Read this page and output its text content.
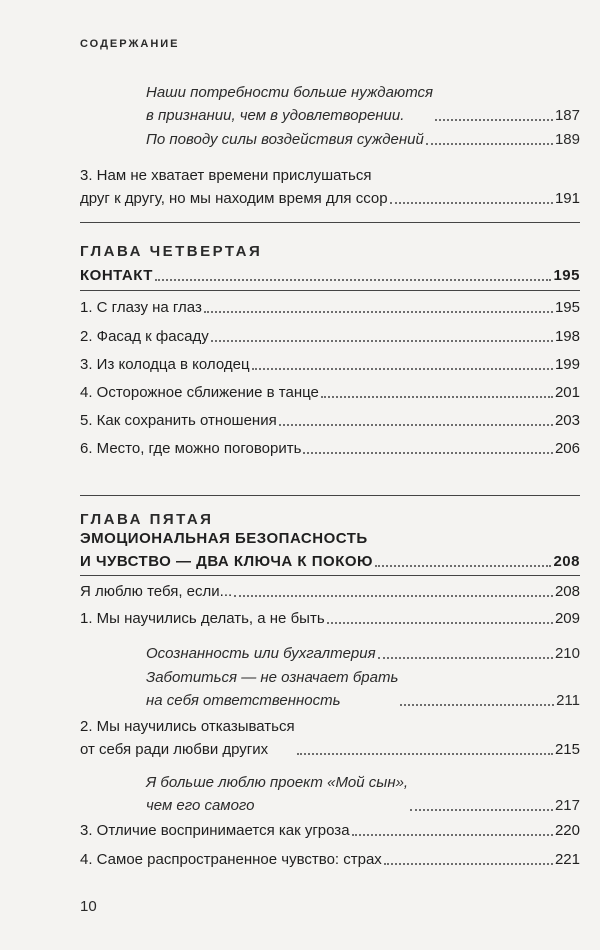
СОДЕРЖАНИЕ
Наши потребности больше нуждаются
в признании, чем в удовлетворении.	187
По поводу силы воздействия суждений	189
3. Нам не хватает времени прислушаться
друг к другу, но мы находим время для ссор	191
ГЛАВА ЧЕТВЕРТАЯ
КОНТАКТ	195
1. С глазу на глаз	195
2. Фасад к фасаду	198
3. Из колодца в колодец	199
4. Осторожное сближение в танце	201
5. Как сохранить отношения	203
6. Место, где можно поговорить	206
ГЛАВА ПЯТАЯ
ЭМОЦИОНАЛЬНАЯ БЕЗОПАСНОСТЬ
И ЧУВСТВО — ДВА КЛЮЧА К ПОКОЮ	208
Я люблю тебя, если...	208
1. Мы научились делать, а не быть	209
Осознанность или бухгалтерия	210
Заботиться — не означает брать
на себя ответственность	211
2. Мы научились отказываться
от себя ради любви других	215
Я больше люблю проект «Мой сын»,
чем его самого	217
3. Отличие воспринимается как угроза	220
4. Самое распространенное чувство: страх	221
10
